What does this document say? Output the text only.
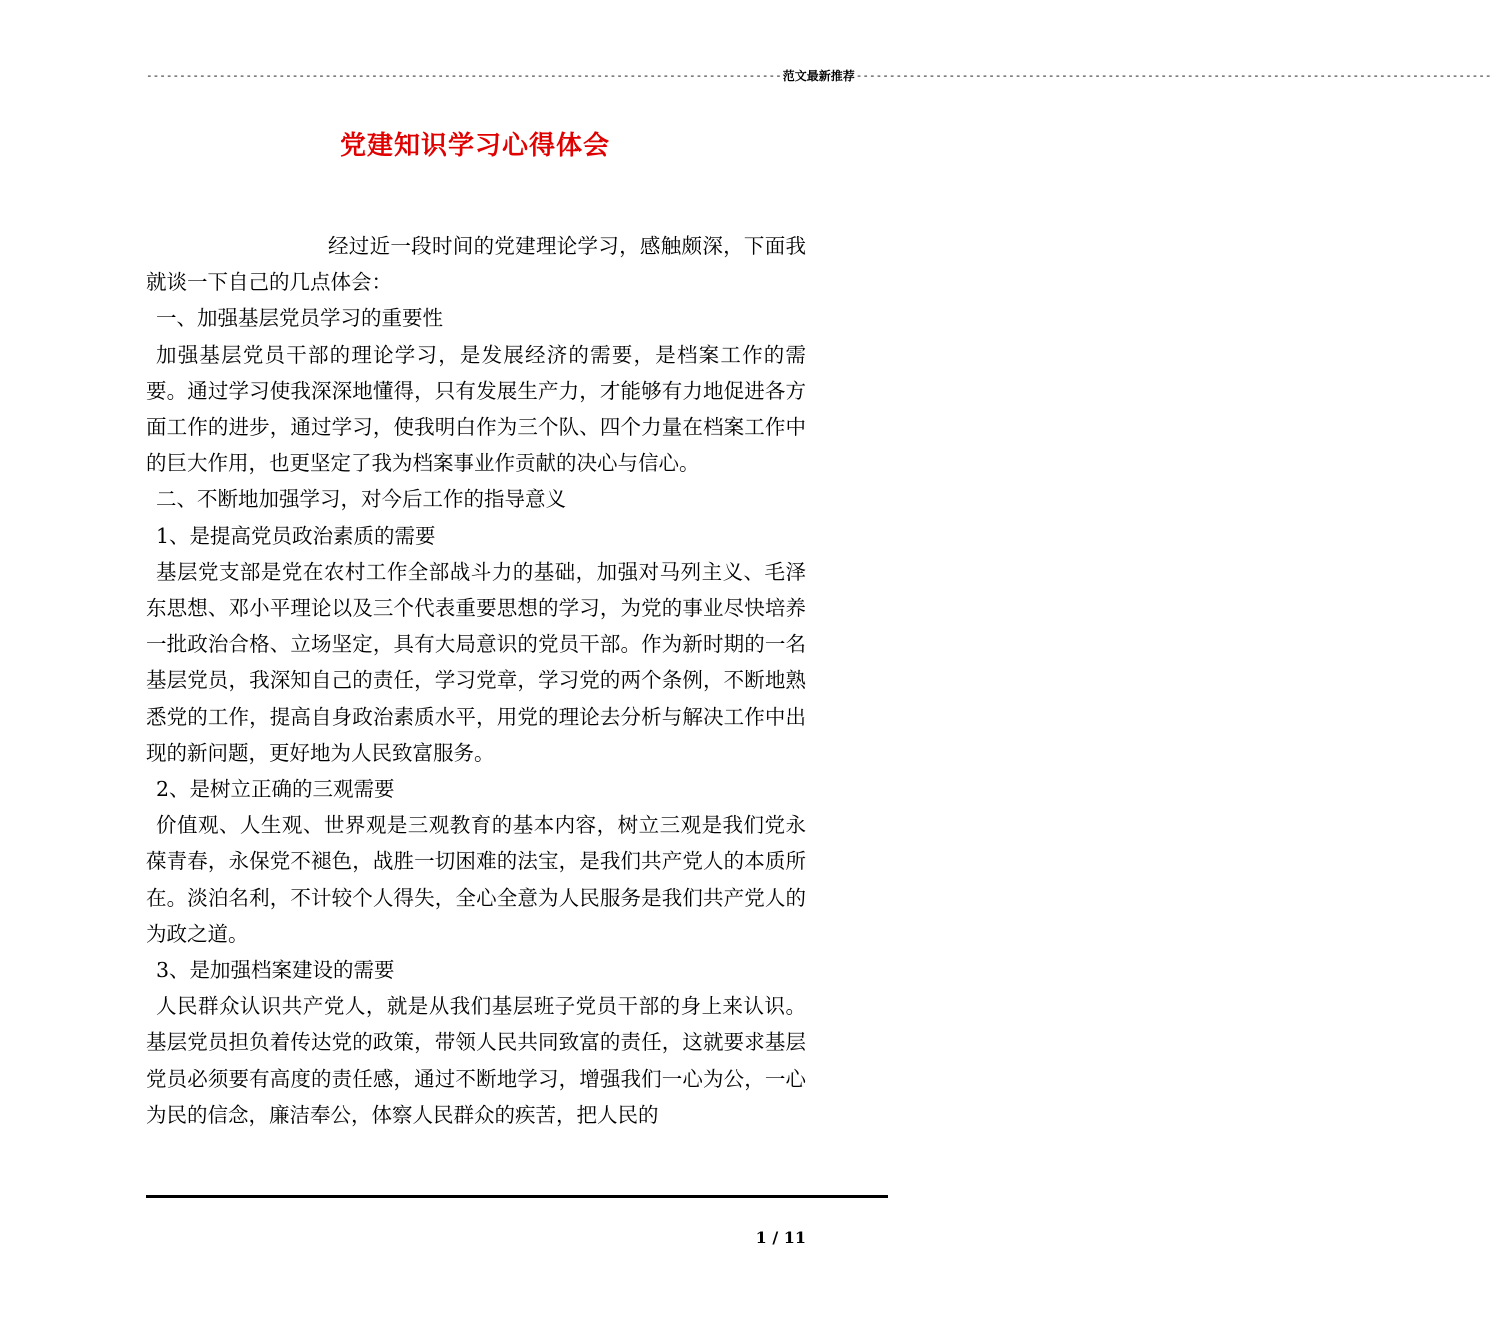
------------------------------------------------------------------------------------------------ 范文最新推荐 ------------------------------------------------------------------------------------------------
党建知识学习心得体会

经过近一段时间的党建理论学习，感触颇深，下面我就谈一下自己的几点体会：

一、加强基层党员学习的重要性

加强基层党员干部的理论学习，是发展经济的需要，是档案工作的需要。通过学习使我深深地懂得，只有发展生产力，才能够有力地促进各方面工作的进步，通过学习，使我明白作为三个队、四个力量在档案工作中的巨大作用，也更坚定了我为档案事业作贡献的决心与信心。

二、不断地加强学习，对今后工作的指导意义

1、是提高党员政治素质的需要

基层党支部是党在农村工作全部战斗力的基础，加强对马列主义、毛泽东思想、邓小平理论以及三个代表重要思想的学习，为党的事业尽快培养一批政治合格、立场坚定，具有大局意识的党员干部。作为新时期的一名基层党员，我深知自己的责任，学习党章，学习党的两个条例，不断地熟悉党的工作，提高自身政治素质水平，用党的理论去分析与解决工作中出现的新问题，更好地为人民致富服务。

2、是树立正确的三观需要

价值观、人生观、世界观是三观教育的基本内容，树立三观是我们党永葆青春，永保党不褪色，战胜一切困难的法宝，是我们共产党人的本质所在。淡泊名利，不计较个人得失，全心全意为人民服务是我们共产党人的为政之道。

3、是加强档案建设的需要

人民群众认识共产党人，就是从我们基层班子党员干部的身上来认识。基层党员担负着传达党的政策，带领人民共同致富的责任，这就要求基层党员必须要有高度的责任感，通过不断地学习，增强我们一心为公，一心为民的信念，廉洁奉公，体察人民群众的疾苦，把人民的

1 / 11
